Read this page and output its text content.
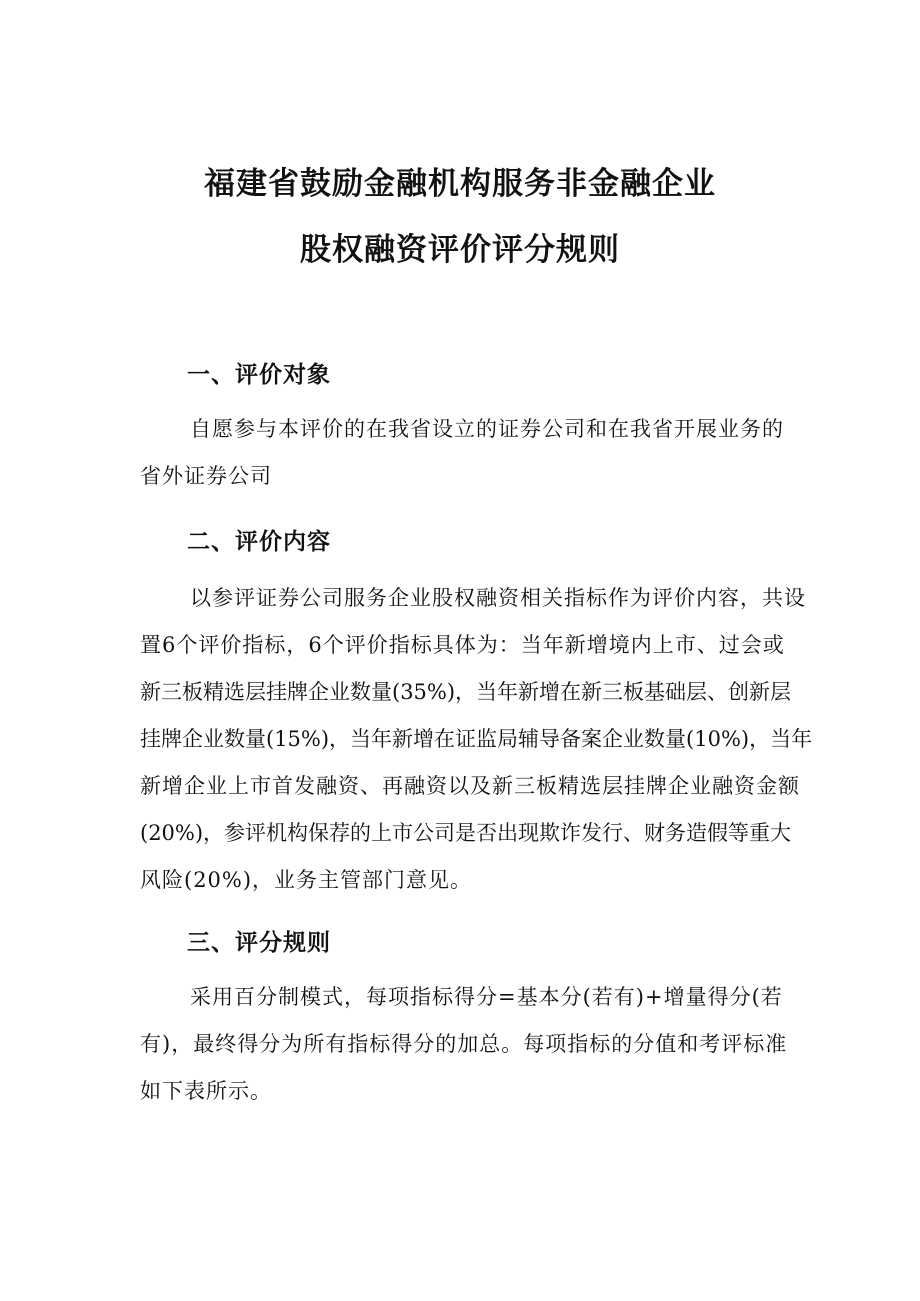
福建省鼓励金融机构服务非金融企业
股权融资评价评分规则
一、评价对象
自愿参与本评价的在我省设立的证券公司和在我省开展业务的
省外证券公司
二、评价内容
以参评证券公司服务企业股权融资相关指标作为评价内容，共设
置6个评价指标，6个评价指标具体为：当年新增境内上市、过会或
新三板精选层挂牌企业数量(35%)，当年新增在新三板基础层、创新层
挂牌企业数量(15%)，当年新增在证监局辅导备案企业数量(10%)，当年
新增企业上市首发融资、再融资以及新三板精选层挂牌企业融资金额
(20%)，参评机构保荐的上市公司是否出现欺诈发行、财务造假等重大
风险(20%)，业务主管部门意见。
三、评分规则
采用百分制模式，每项指标得分=基本分(若有)+增量得分(若
有)，最终得分为所有指标得分的加总。每项指标的分值和考评标准
如下表所示。
